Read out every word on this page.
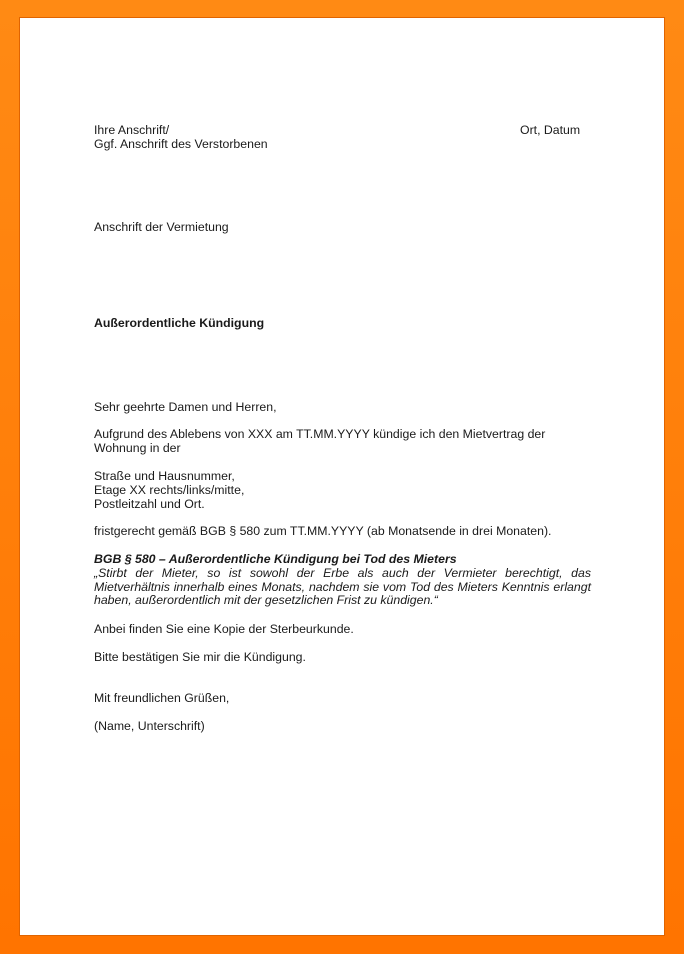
Ihre Anschrift/
Ggf. Anschrift des Verstorbenen
Ort, Datum
Anschrift der Vermietung
Außerordentliche Kündigung
Sehr geehrte Damen und Herren,
Aufgrund des Ablebens von XXX am TT.MM.YYYY kündige ich den Mietvertrag der
Wohnung in der
Straße und Hausnummer,
Etage XX rechts/links/mitte,
Postleitzahl und Ort.
fristgerecht gemäß BGB § 580 zum TT.MM.YYYY (ab Monatsende in drei Monaten).
BGB § 580 – Außerordentliche Kündigung bei Tod des Mieters
„Stirbt der Mieter, so ist sowohl der Erbe als auch der Vermieter berechtigt, das
Mietverhältnis innerhalb eines Monats, nachdem sie vom Tod des Mieters Kenntnis erlangt
haben, außerordentlich mit der gesetzlichen Frist zu kündigen.“
Anbei finden Sie eine Kopie der Sterbeurkunde.
Bitte bestätigen Sie mir die Kündigung.
Mit freundlichen Grüßen,
(Name, Unterschrift)
